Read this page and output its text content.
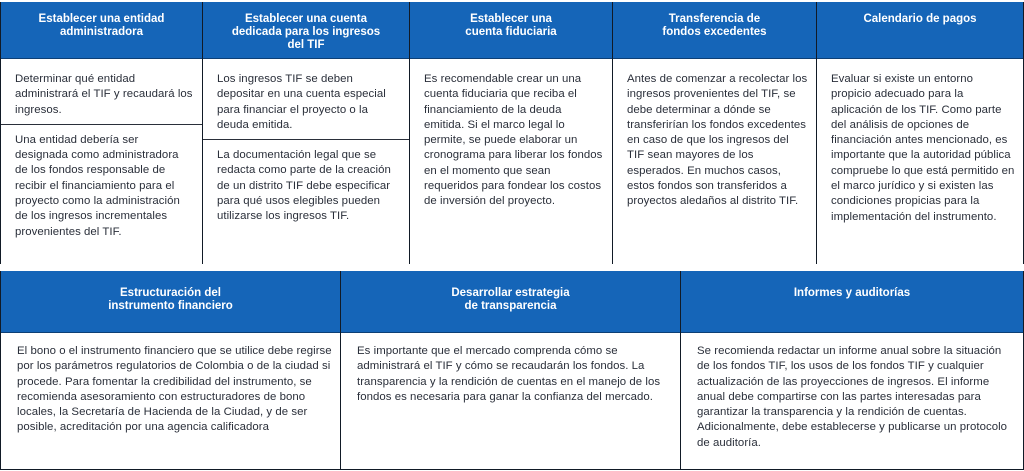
Establecer una entidad
administradora
Determinar qué entidad administrará el TIF y recaudará los ingresos.
Una entidad debería ser designada como administradora de los fondos responsable de recibir el financiamiento para el proyecto como la administración de los ingresos incrementales provenientes del TIF.
Establecer una cuenta
dedicada para los ingresos
del TIF
Los ingresos TIF se deben depositar en una cuenta especial para financiar el proyecto o la deuda emitida.
La documentación legal que se redacta como parte de la creación de un distrito TIF debe especificar para qué usos elegibles pueden utilizarse los ingresos TIF.
Establecer una
cuenta fiduciaria
Es recomendable crear un una cuenta fiduciaria que reciba el financiamiento de la deuda emitida. Si el marco legal lo permite, se puede elaborar un cronograma para liberar los fondos en el momento que sean requeridos para fondear los costos de inversión del proyecto.
Transferencia de
fondos excedentes
Antes de comenzar a recolectar los ingresos provenientes del TIF, se debe determinar a dónde se transferirían los fondos excedentes en caso de que los ingresos del TIF sean mayores de los esperados. En muchos casos, estos fondos son transferidos a proyectos aledaños al distrito TIF.
Calendario de pagos
Evaluar si existe un entorno propicio adecuado para la aplicación de los TIF. Como parte del análisis de opciones de financiación antes mencionado, es importante que la autoridad pública compruebe lo que está permitido en el marco jurídico y si existen las condiciones propicias para la implementación del instrumento.
Estructuración del
instrumento financiero
El bono o el instrumento financiero que se utilice debe regirse por los parámetros regulatorios de Colombia o de la ciudad si procede. Para fomentar la credibilidad del instrumento, se recomienda asesoramiento con estructuradores de bono locales, la Secretaría de Hacienda de la Ciudad, y de ser posible, acreditación por una agencia calificadora
Desarrollar estrategia
de transparencia
Es importante que el mercado comprenda cómo se administrará el TIF y cómo se recaudarán los fondos. La transparencia y la rendición de cuentas en el manejo de los fondos es necesaria para ganar la confianza del mercado.
Informes y auditorías
Se recomienda redactar un informe anual sobre la situación de los fondos TIF, los usos de los fondos TIF y cualquier actualización de las proyecciones de ingresos. El informe anual debe compartirse con las partes interesadas para garantizar la transparencia y la rendición de cuentas. Adicionalmente, debe establecerse y publicarse un protocolo de auditoría.
